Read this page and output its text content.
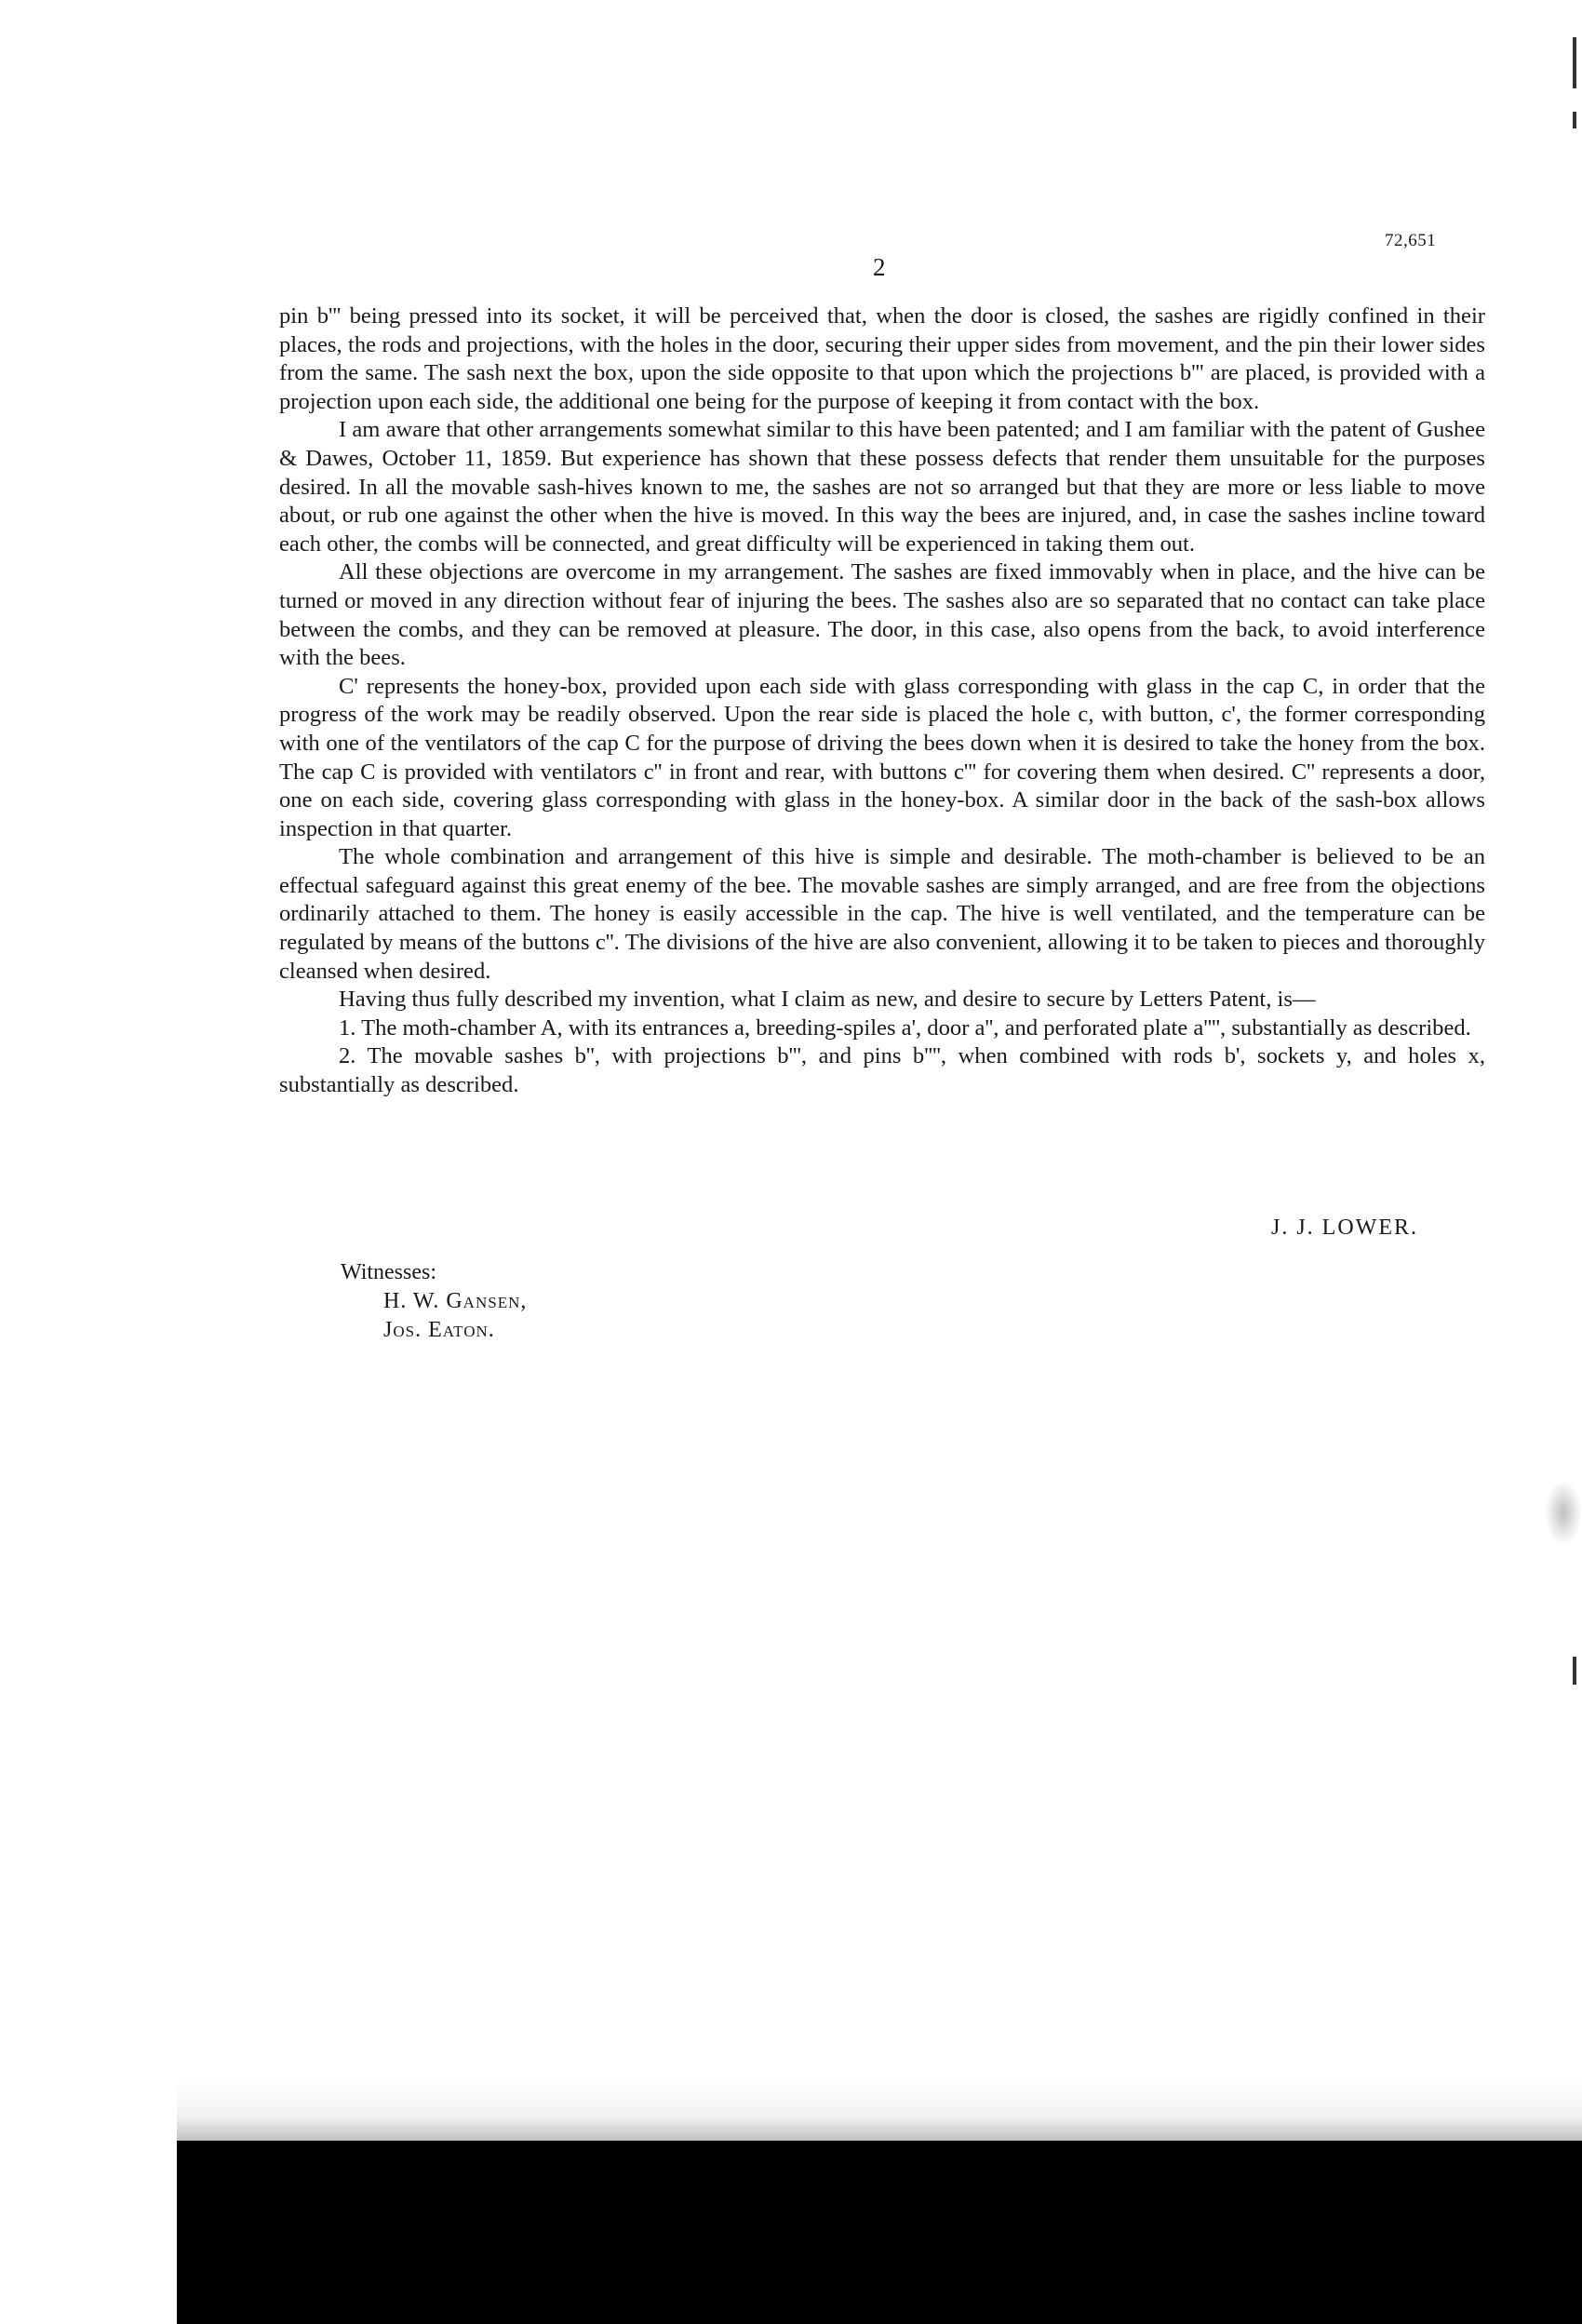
72,651
2

pin b''' being pressed into its socket, it will be perceived that, when the door is closed, the sashes are rigidly confined in their places, the rods and projections, with the holes in the door, securing their upper sides from movement, and the pin their lower sides from the same. The sash next the box, upon the side opposite to that upon which the projections b''' are placed, is provided with a projection upon each side, the additional one being for the purpose of keeping it from contact with the box.

I am aware that other arrangements somewhat similar to this have been patented; and I am familiar with the patent of Gushee & Dawes, October 11, 1859. But experience has shown that these possess defects that render them unsuitable for the purposes desired. In all the movable sash-hives known to me, the sashes are not so arranged but that they are more or less liable to move about, or rub one against the other when the hive is moved. In this way the bees are injured, and, in case the sashes incline toward each other, the combs will be connected, and great difficulty will be experienced in taking them out.

All these objections are overcome in my arrangement. The sashes are fixed immovably when in place, and the hive can be turned or moved in any direction without fear of injuring the bees. The sashes also are so separated that no contact can take place between the combs, and they can be removed at pleasure. The door, in this case, also opens from the back, to avoid interference with the bees.

C' represents the honey-box, provided upon each side with glass corresponding with glass in the cap C, in order that the progress of the work may be readily observed. Upon the rear side is placed the hole c, with button, c', the former corresponding with one of the ventilators of the cap C for the purpose of driving the bees down when it is desired to take the honey from the box. The cap C is provided with ventilators c'' in front and rear, with buttons c''' for covering them when desired. C'' represents a door, one on each side, covering glass corresponding with glass in the honey-box. A similar door in the back of the sash-box allows inspection in that quarter.

The whole combination and arrangement of this hive is simple and desirable. The moth-chamber is believed to be an effectual safeguard against this great enemy of the bee. The movable sashes are simply arranged, and are free from the objections ordinarily attached to them. The honey is easily accessible in the cap. The hive is well ventilated, and the temperature can be regulated by means of the buttons c''. The divisions of the hive are also convenient, allowing it to be taken to pieces and thoroughly cleansed when desired.

Having thus fully described my invention, what I claim as new, and desire to secure by Letters Patent, is—

1. The moth-chamber A, with its entrances a, breeding-spiles a', door a'', and perforated plate a'''', substantially as described.

2. The movable sashes b'', with projections b''', and pins b'''', when combined with rods b', sockets y, and holes x, substantially as described.

J. J. LOWER.
Witnesses:
H. W. Gansen,
Jos. Eaton.
